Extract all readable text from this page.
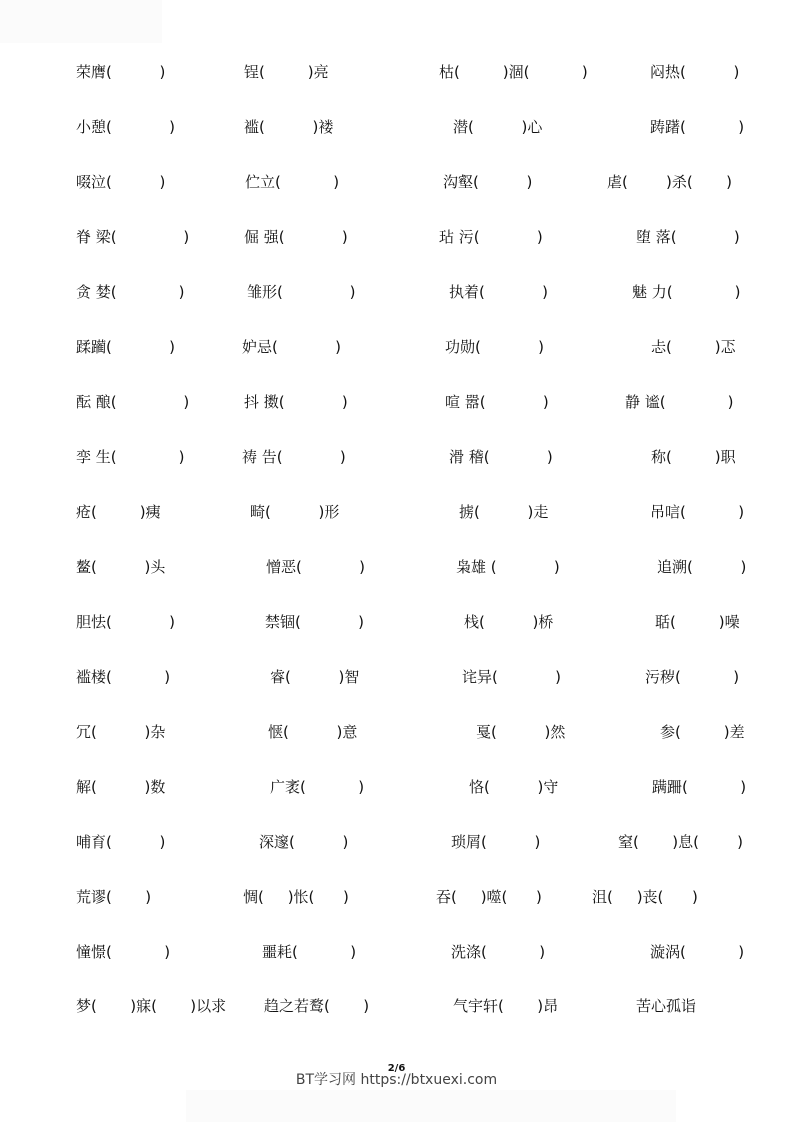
荣膺(          )	锃(         )亮	枯(         )涸(           )	闷热(          )
小憩(            )	褴(          )褛	潜(          )心	踌躇(           )
啜泣(          )	伫立(           )	沟壑(          )	虐(        )杀(       )
脊 梁(              )	倔 强(            )	玷 污(            )	堕 落(            )
贪 婪(             )	雏形(              )	执着(            )	魅 力(             )
蹂躏(            )	妒忌(            )	功勋(            )	忐(         )忑
酝 酿(              )	抖 擞(            )	喧 嚣(            )	静 谧(             )
孪 生(             )	祷 告(            )	滑 稽(            )	称(         )职
疮(         )痍	畸(          )形	掳(          )走	吊唁(           )
鳌(          )头	憎恶(            )	枭雄 (            )	追溯(          )
胆怯(            )	禁锢(            )	栈(          )桥	聒(         )噪
褴楼(           )	睿(          )智	诧异(            )	污秽(           )
冗(          )杂	惬(          )意	戛(          )然	参(         )差
解(          )数	广袤(           )	恪(          )守	蹒跚(           )
哺育(          )	深邃(          )	琐屑(          )	窒(       )息(        )
荒谬(       )	惆(     )怅(      )	吞(     )噬(      )	沮(     )丧(      )
憧憬(           )	噩耗(           )	洗涤(           )	漩涡(           )
梦(       )寐(       )以求	趋之若鹜(       )	气宇轩(       )昂	苦心孤诣
2/6
BT学习网 https://btxuexi.com
